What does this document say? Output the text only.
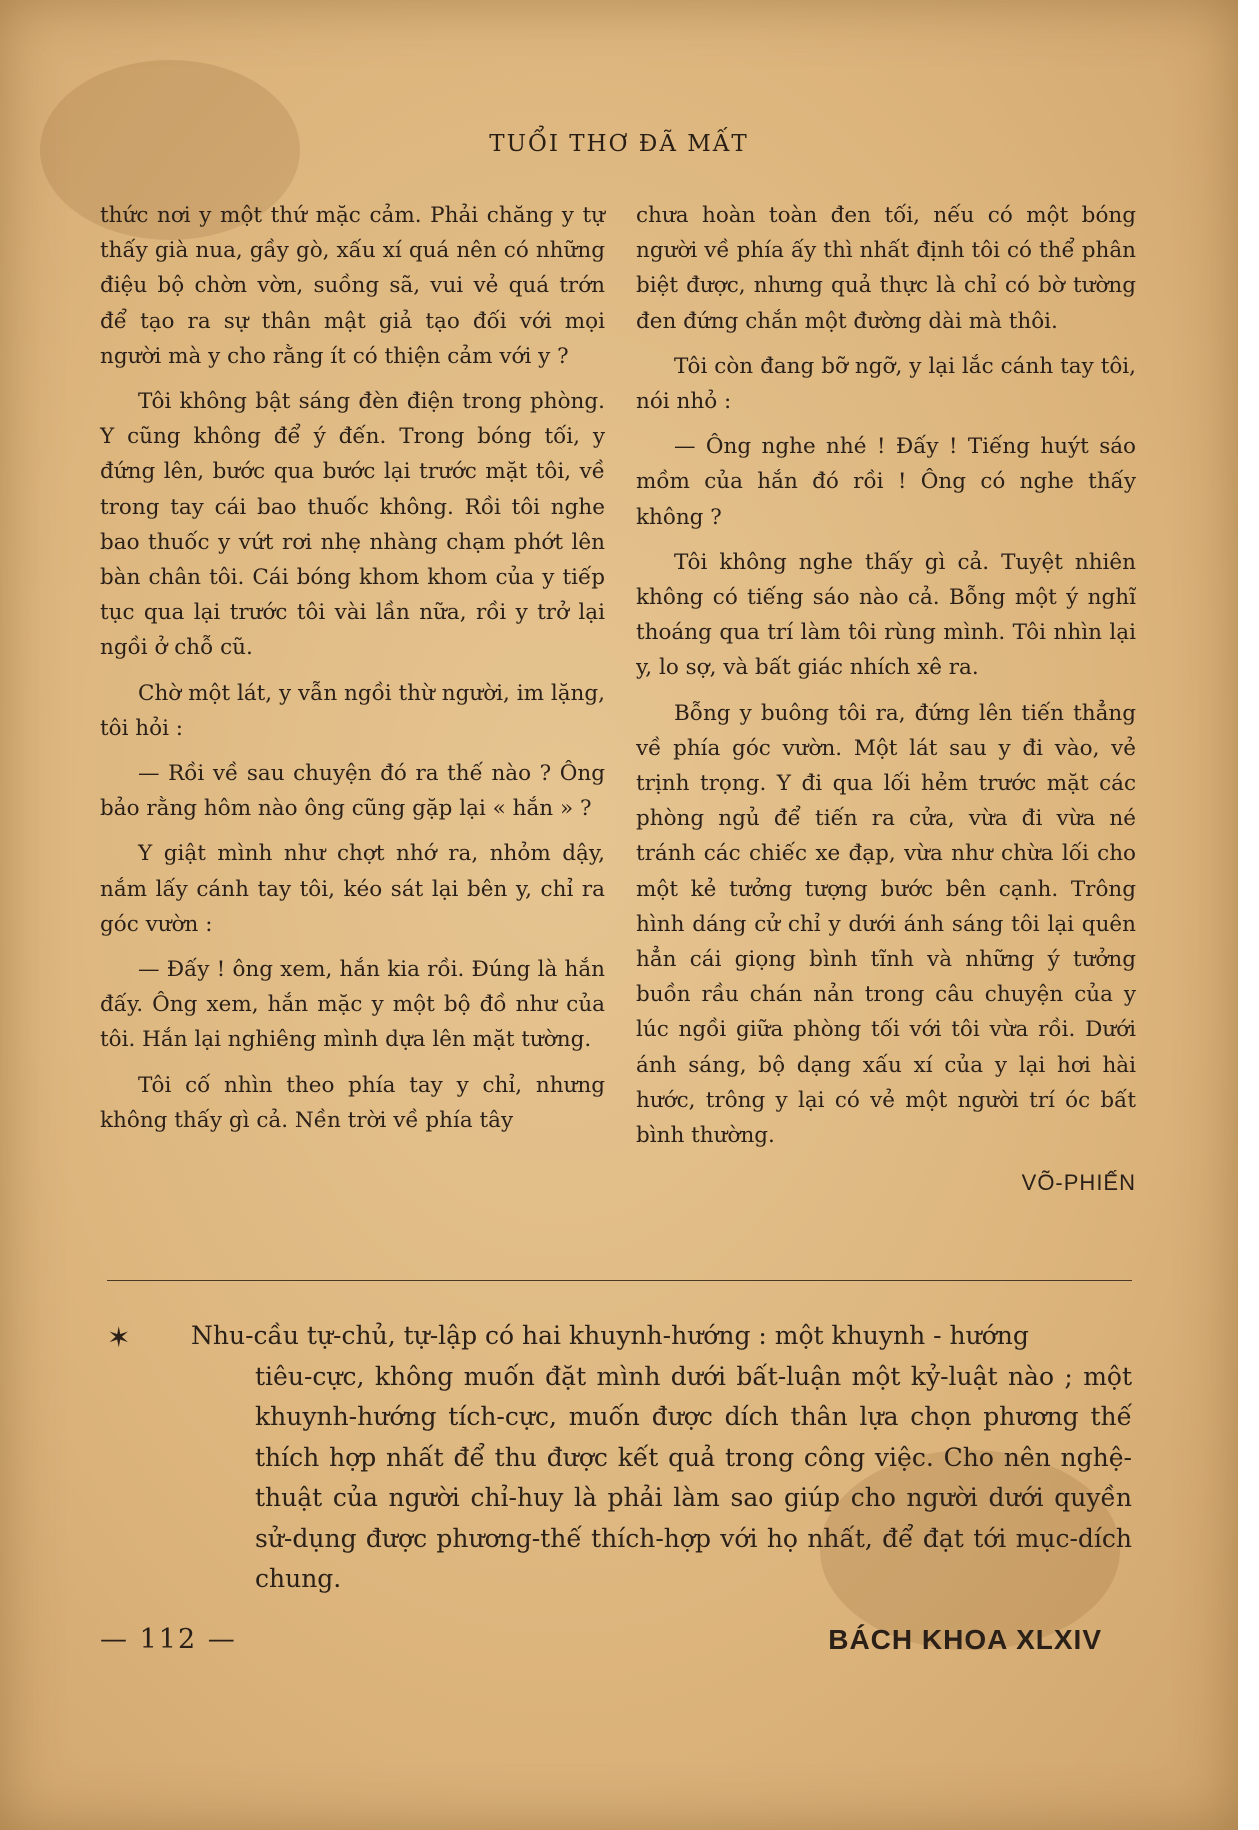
TUỔI THƠ ĐÃ MẤT

thức nơi y một thứ mặc cảm. Phải chăng y tự thấy già nua, gầy gò, xấu xí quá nên có những điệu bộ chờn vờn, suồng sã, vui vẻ quá trớn để tạo ra sự thân mật giả tạo đối với mọi người mà y cho rằng ít có thiện cảm với y ?

Tôi không bật sáng đèn điện trong phòng. Y cũng không để ý đến. Trong bóng tối, y đứng lên, bước qua bước lại trước mặt tôi, về trong tay cái bao thuốc không. Rồi tôi nghe bao thuốc y vứt rơi nhẹ nhàng chạm phớt lên bàn chân tôi. Cái bóng khom khom của y tiếp tục qua lại trước tôi vài lần nữa, rồi y trở lại ngồi ở chỗ cũ.

Chờ một lát, y vẫn ngồi thừ người, im lặng, tôi hỏi :

— Rồi về sau chuyện đó ra thế nào ? Ông bảo rằng hôm nào ông cũng gặp lại « hắn » ?

Y giật mình như chợt nhớ ra, nhỏm dậy, nắm lấy cánh tay tôi, kéo sát lại bên y, chỉ ra góc vườn :

— Đấy ! ông xem, hắn kia rồi. Đúng là hắn đấy. Ông xem, hắn mặc y một bộ đồ như của tôi. Hắn lại nghiêng mình dựa lên mặt tường.

Tôi cố nhìn theo phía tay y chỉ, nhưng không thấy gì cả. Nền trời về phía tây

chưa hoàn toàn đen tối, nếu có một bóng người về phía ấy thì nhất định tôi có thể phân biệt được, nhưng quả thực là chỉ có bờ tường đen đứng chắn một đường dài mà thôi.

Tôi còn đang bỡ ngỡ, y lại lắc cánh tay tôi, nói nhỏ :

— Ông nghe nhé ! Đấy ! Tiếng huýt sáo mồm của hắn đó rồi ! Ông có nghe thấy không ?

Tôi không nghe thấy gì cả. Tuyệt nhiên không có tiếng sáo nào cả. Bỗng một ý nghĩ thoáng qua trí làm tôi rùng mình. Tôi nhìn lại y, lo sợ, và bất giác nhích xê ra.

Bỗng y buông tôi ra, đứng lên tiến thẳng về phía góc vườn. Một lát sau y đi vào, vẻ trịnh trọng. Y đi qua lối hẻm trước mặt các phòng ngủ để tiến ra cửa, vừa đi vừa né tránh các chiếc xe đạp, vừa như chừa lối cho một kẻ tưởng tượng bước bên cạnh. Trông hình dáng cử chỉ y dưới ánh sáng tôi lại quên hẳn cái giọng bình tĩnh và những ý tưởng buồn rầu chán nản trong câu chuyện của y lúc ngồi giữa phòng tối với tôi vừa rồi. Dưới ánh sáng, bộ dạng xấu xí của y lại hơi hài hước, trông y lại có vẻ một người trí óc bất bình thường.

VÕ-PHIẾN
✶	Nhu-cầu tự-chủ, tự-lập có hai khuynh-hướng : một khuynh - hướng

tiêu-cực, không muốn đặt mình dưới bất-luận một kỷ-luật nào ; một khuynh-hướng tích-cực, muốn được dích thân lựa chọn phương thế thích hợp nhất để thu được kết quả trong công việc. Cho nên nghệ-thuật của người chỉ-huy là phải làm sao giúp cho người dưới quyền sử-dụng được phương-thế thích-hợp với họ nhất, để đạt tới mục-dích chung.

— 112 —	BÁCH KHOA XLXIV
